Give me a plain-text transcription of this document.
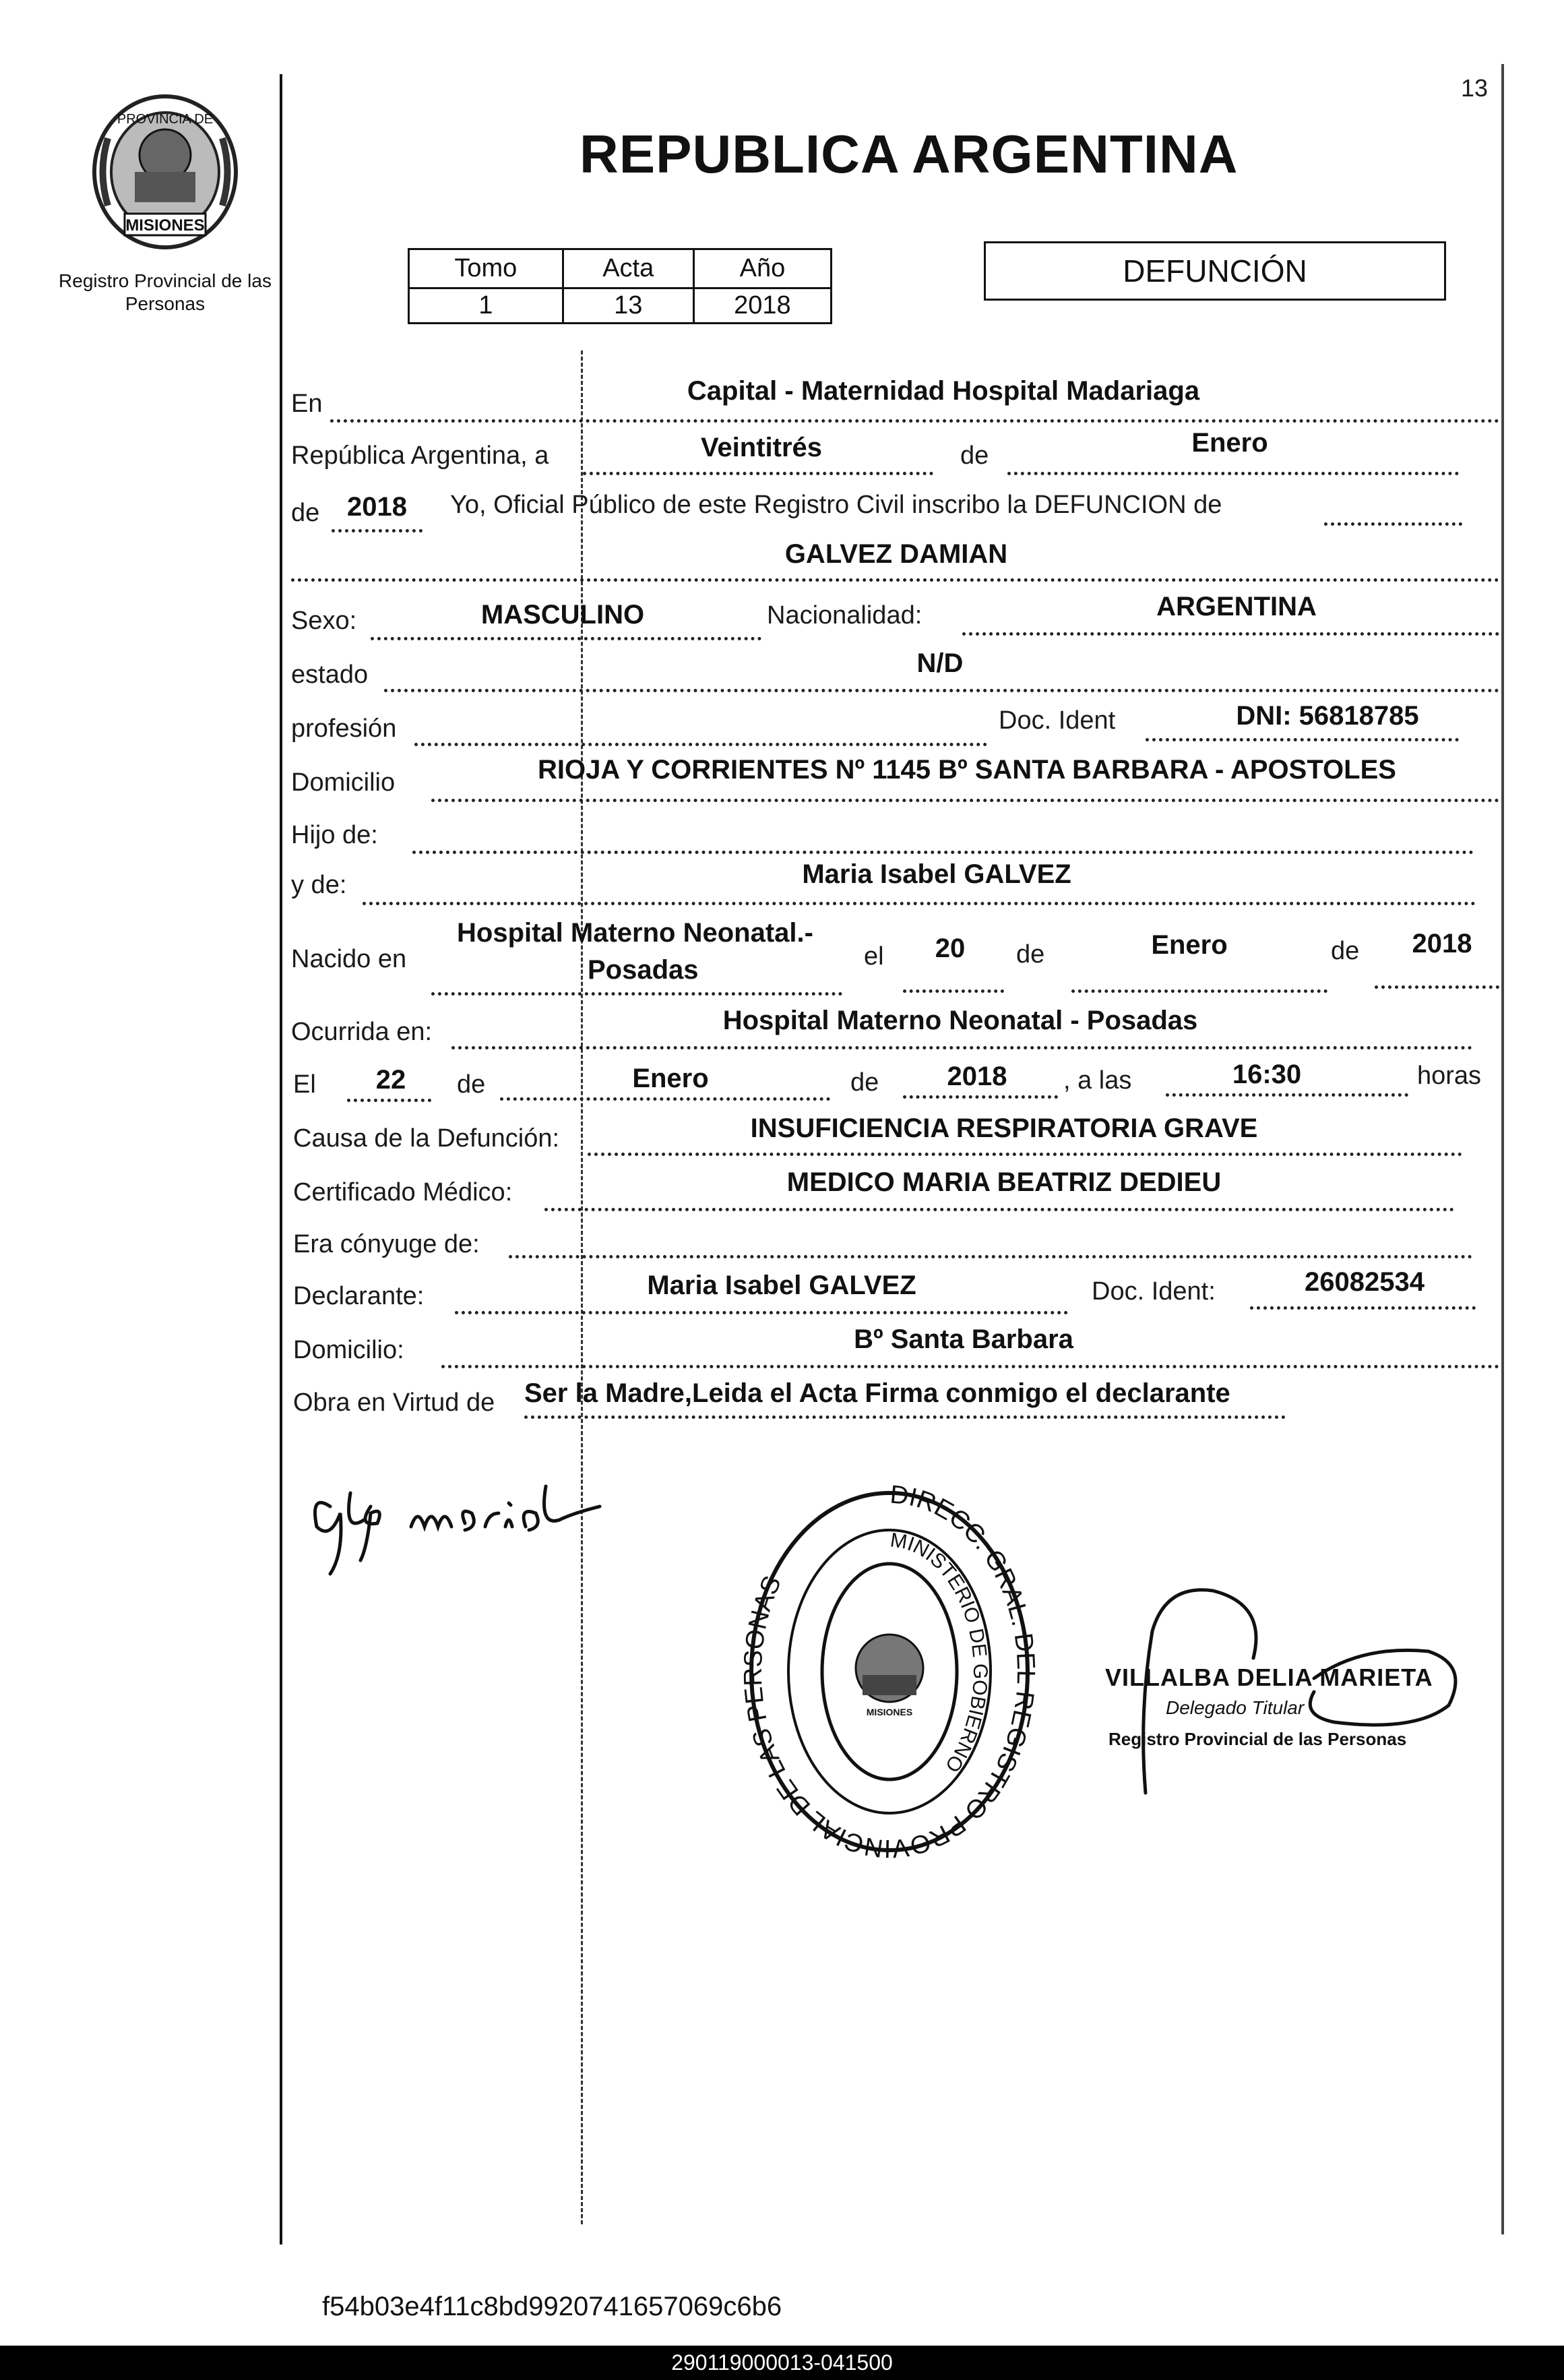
13
PROVINCIA DE
MISIONES
Registro Provincial de las Personas
REPUBLICA ARGENTINA
Tomo	Acta	Año
1	13	2018
DEFUNCIÓN
En	Capital - Maternidad Hospital Madariaga
República Argentina, a	Veintitrés	de	Enero
de	2018	Yo, Oficial Público de este Registro Civil inscribo la DEFUNCION de
GALVEZ DAMIAN
Sexo:	MASCULINO	Nacionalidad:	ARGENTINA
estado	N/D
profesión	Doc. Ident	DNI: 56818785
Domicilio	RIOJA Y CORRIENTES Nº 1145 Bº SANTA BARBARA - APOSTOLES
Hijo de:
y de:	Maria Isabel GALVEZ
Nacido en
Hospital Materno Neonatal.-
Posadas	el	20	de	Enero	de	2018
Ocurrida en:	Hospital Materno Neonatal - Posadas
El	22	de	Enero	de	2018	, a las	16:30	horas
Causa de la Defunción:	INSUFICIENCIA RESPIRATORIA GRAVE
Certificado Médico:	MEDICO MARIA BEATRIZ DEDIEU
Era cónyuge de:
Declarante:	Maria Isabel GALVEZ	Doc. Ident:	26082534
Domicilio:	Bº Santa Barbara
Obra en Virtud de Ser la Madre,Leida el Acta Firma conmigo el declarante
DIRECC. GRAL. DEL REGISTRO PROVINCIAL DE LAS PERSONAS
MINISTERIO DE GOBIERNO
MISIONES
VILLALBA DELIA MARIETA
Delegado Titular
Registro Provincial de las Personas
f54b03e4f11c8bd9920741657069c6b6
290119000013-041500
